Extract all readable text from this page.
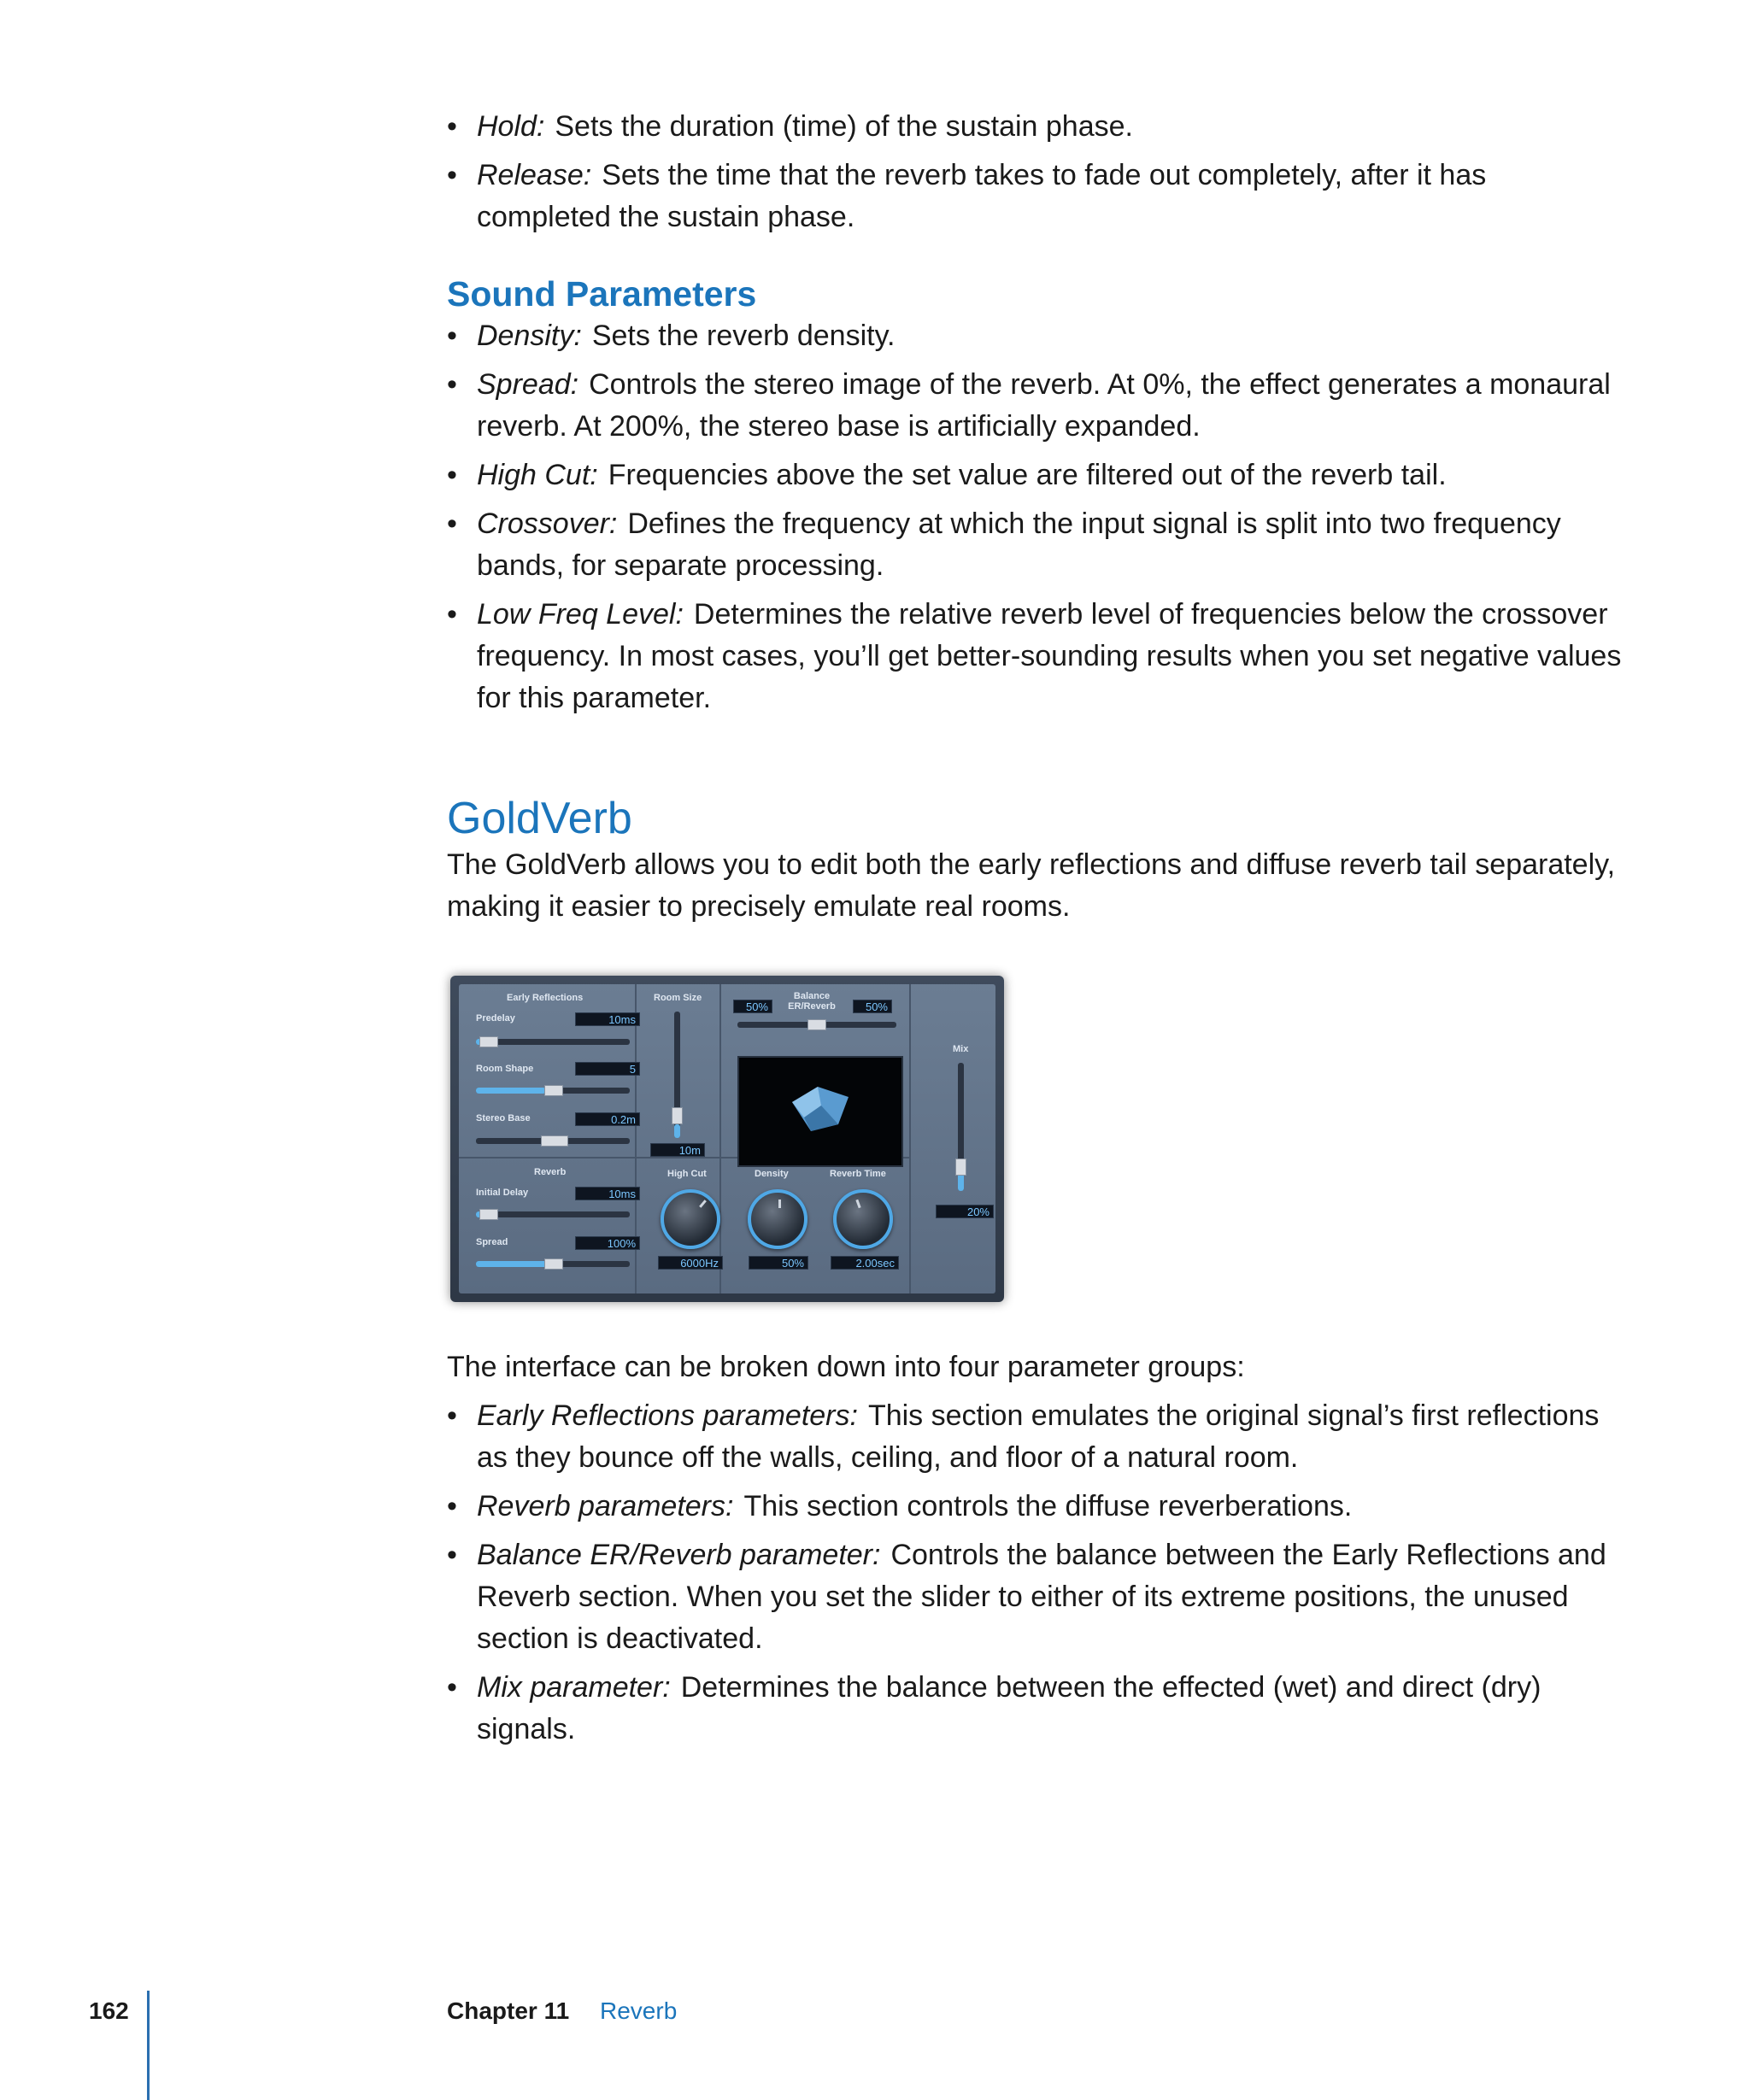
• Hold: Sets the duration (time) of the sustain phase.
• Release: Sets the time that the reverb takes to fade out completely, after it has completed the sustain phase.
Sound Parameters
• Density: Sets the reverb density.
• Spread: Controls the stereo image of the reverb. At 0%, the effect generates a monaural reverb. At 200%, the stereo base is artificially expanded.
• High Cut: Frequencies above the set value are filtered out of the reverb tail.
• Crossover: Defines the frequency at which the input signal is split into two frequency bands, for separate processing.
• Low Freq Level: Determines the relative reverb level of frequencies below the crossover frequency. In most cases, you’ll get better-sounding results when you set negative values for this parameter.
GoldVerb

The GoldVerb allows you to edit both the early reflections and diffuse reverb tail separately, making it easier to precisely emulate real rooms.

Early Reflections
Predelay	10ms
Room Shape	5
Stereo Base	0.2m
Room Size
10m
50%
Balance
ER/Reverb	50%
Mix
20%
Reverb
Initial Delay	10ms
Spread	100%
High Cut
6000Hz
Density
50%
Reverb Time
2.00sec

The interface can be broken down into four parameter groups:

• Early Reflections parameters: This section emulates the original signal’s first reflections as they bounce off the walls, ceiling, and floor of a natural room.
• Reverb parameters: This section controls the diffuse reverberations.
• Balance ER/Reverb parameter: Controls the balance between the Early Reflections and Reverb section. When you set the slider to either of its extreme positions, the unused section is deactivated.
• Mix parameter: Determines the balance between the effected (wet) and direct (dry) signals.
162	Chapter 11 Reverb
